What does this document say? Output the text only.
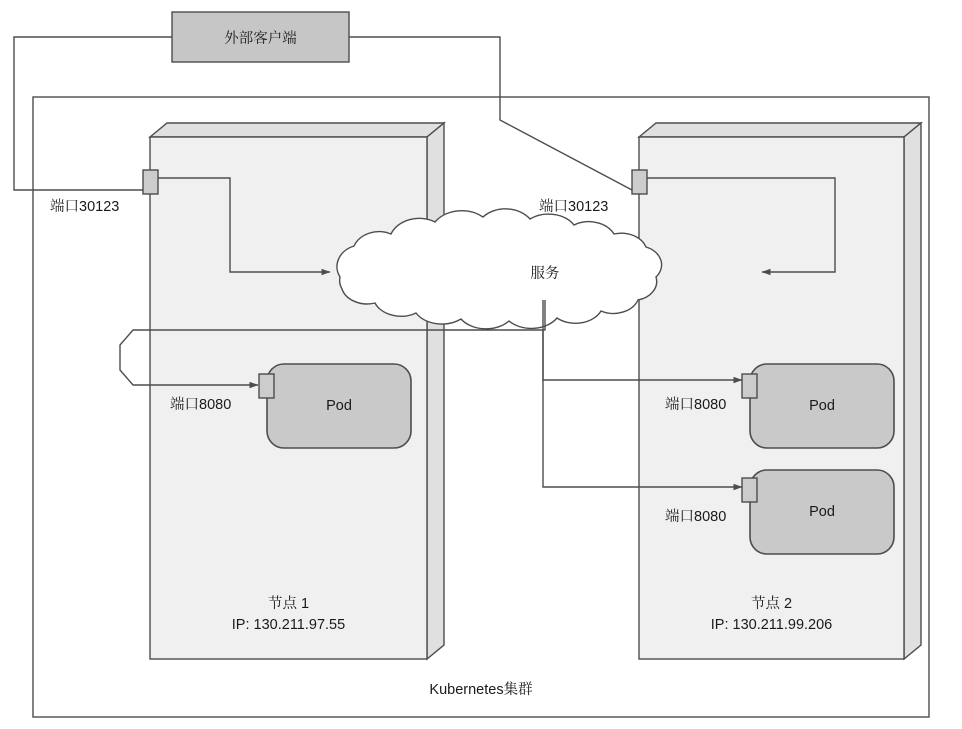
外部客户端
服务
端口30123	端口30123
端口8080	端口8080
端口8080
Pod	Pod
Pod
节点 1
IP: 130.211.97.55
节点 2
IP: 130.211.99.206
Kubernetes集群
